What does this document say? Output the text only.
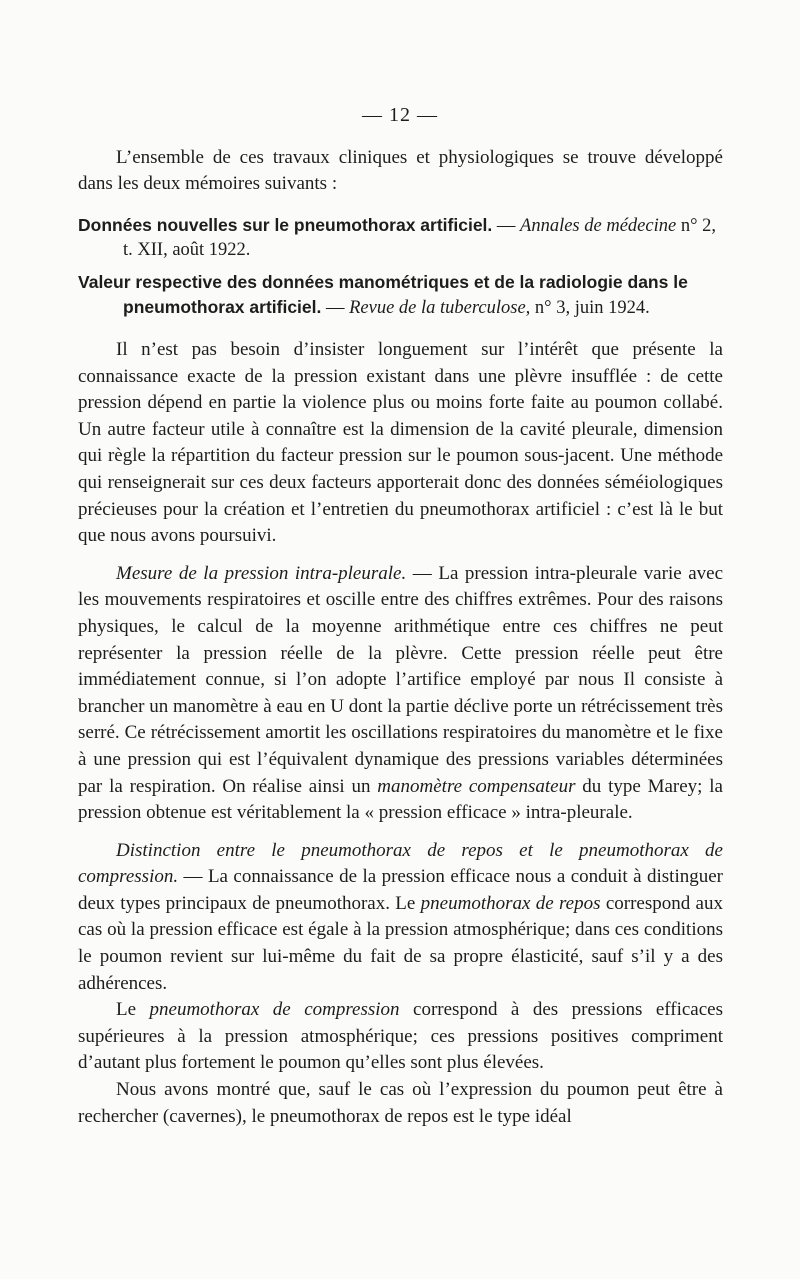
— 12 —

L’ensemble de ces travaux cliniques et physiologiques se trouve développé dans les deux mémoires suivants :

Données nouvelles sur le pneumothorax artificiel. — Annales de médecine n° 2, t. XII, août 1922.

Valeur respective des données manométriques et de la radiologie dans le pneumothorax artificiel. — Revue de la tuberculose, n° 3, juin 1924.

Il n’est pas besoin d’insister longuement sur l’intérêt que présente la connaissance exacte de la pression existant dans une plèvre insufflée : de cette pression dépend en partie la violence plus ou moins forte faite au poumon collabé. Un autre facteur utile à connaître est la dimension de la cavité pleurale, dimension qui règle la répartition du facteur pression sur le poumon sous-jacent. Une méthode qui renseignerait sur ces deux facteurs apporterait donc des données séméiologiques précieuses pour la création et l’entretien du pneumothorax artificiel : c’est là le but que nous avons poursuivi.

Mesure de la pression intra-pleurale. — La pression intra-pleurale varie avec les mouvements respiratoires et oscille entre des chiffres extrêmes. Pour des raisons physiques, le calcul de la moyenne arithmétique entre ces chiffres ne peut représenter la pression réelle de la plèvre. Cette pression réelle peut être immédiatement connue, si l’on adopte l’artifice employé par nous Il consiste à brancher un manomètre à eau en U dont la partie déclive porte un rétrécissement très serré. Ce rétrécissement amortit les oscillations respiratoires du manomètre et le fixe à une pression qui est l’équivalent dynamique des pressions variables déterminées par la respiration. On réalise ainsi un manomètre compensateur du type Marey; la pression obtenue est véritablement la « pression efficace » intra-pleurale.

Distinction entre le pneumothorax de repos et le pneumothorax de compression. — La connaissance de la pression efficace nous a conduit à distinguer deux types principaux de pneumothorax. Le pneumothorax de repos correspond aux cas où la pression efficace est égale à la pression atmosphérique; dans ces conditions le poumon revient sur lui-même du fait de sa propre élasticité, sauf s’il y a des adhérences.

Le pneumothorax de compression correspond à des pressions efficaces supérieures à la pression atmosphérique; ces pressions positives compriment d’autant plus fortement le poumon qu’elles sont plus élevées.

Nous avons montré que, sauf le cas où l’expression du poumon peut être à rechercher (cavernes), le pneumothorax de repos est le type idéal
